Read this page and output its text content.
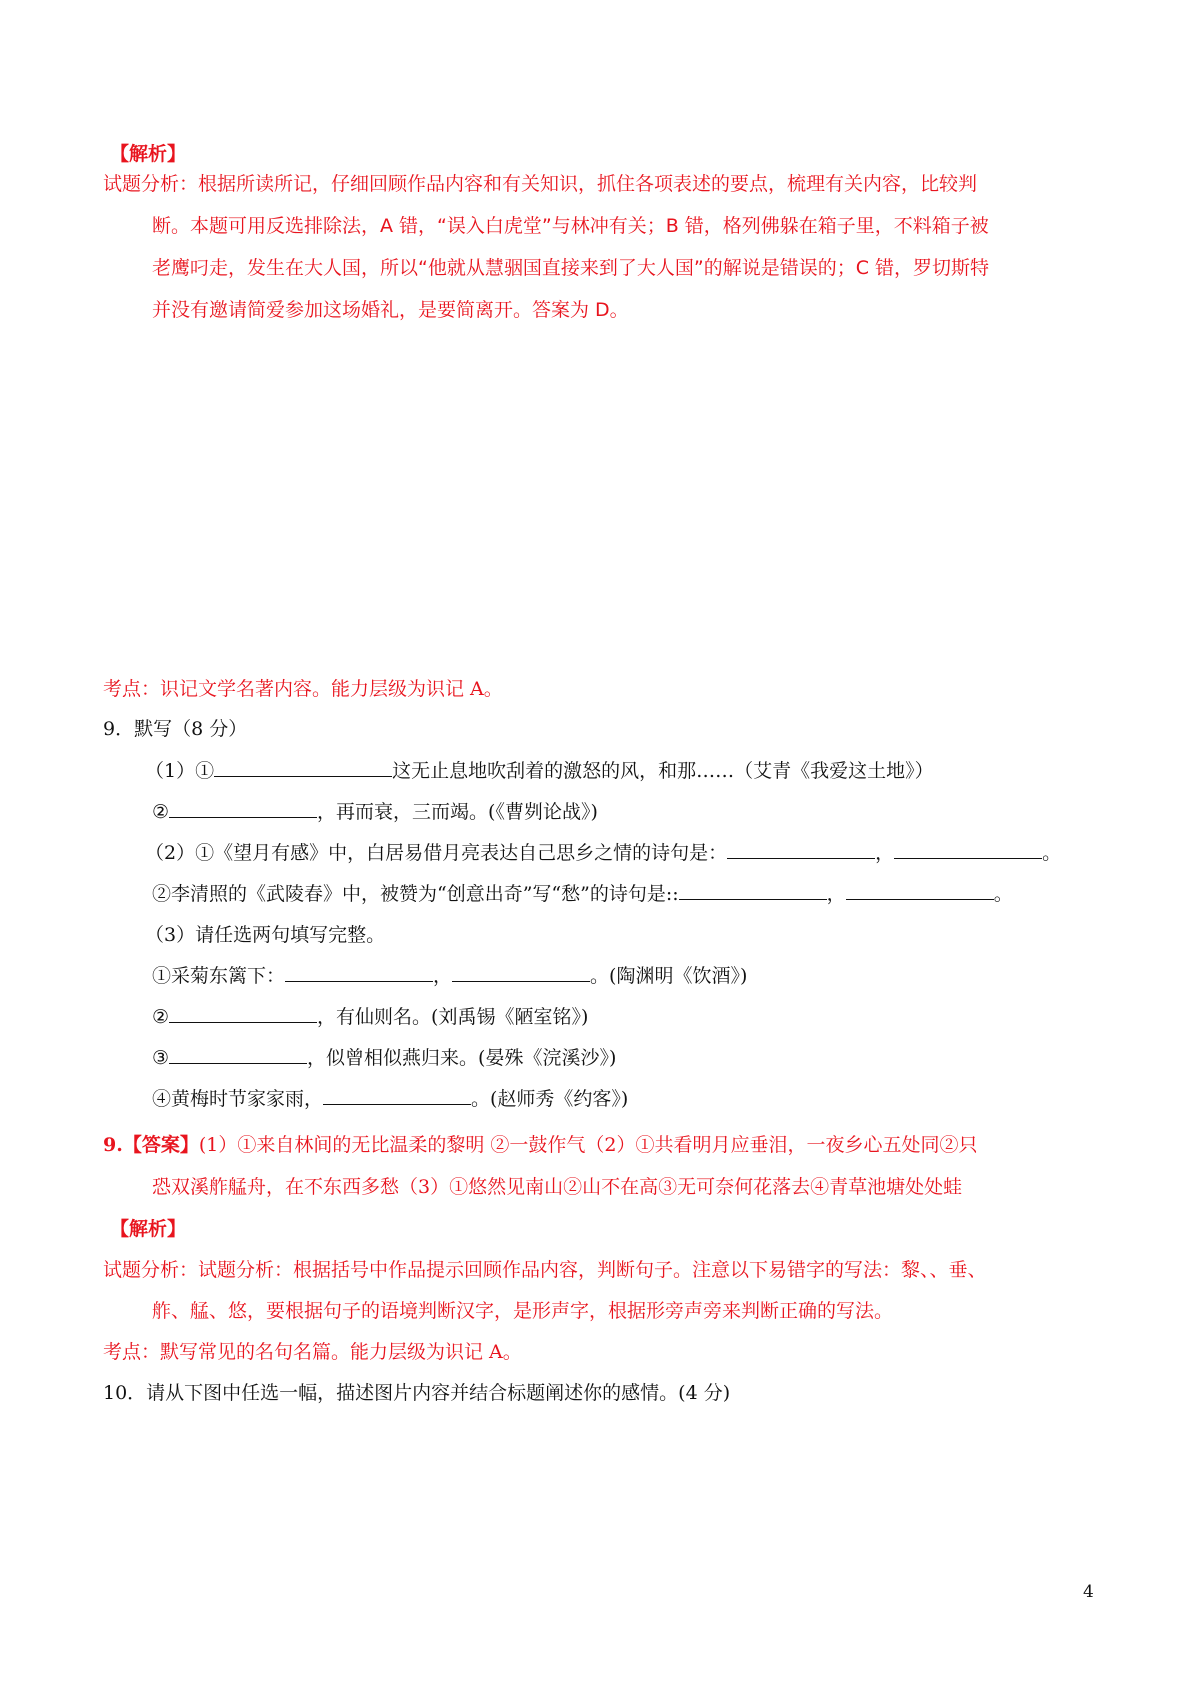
【解析】
试题分析：根据所读所记，仔细回顾作品内容和有关知识，抓住各项表述的要点，梳理有关内容，比较判
断。本题可用反选排除法，A 错，“误入白虎堂”与林冲有关；B 错，格列佛躲在箱子里，不料箱子被
老鹰叼走，发生在大人国，所以“他就从慧骃国直接来到了大人国”的解说是错误的；C 错，罗切斯特
并没有邀请简爱参加这场婚礼，是要简离开。答案为 D。
考点：识记文学名著内容。能力层级为识记 A。
9．默写（8 分）
（1）①	这无止息地吹刮着的激怒的风，和那……（艾青《我爱这土地》）
②	，再而衰，三而竭。(《曹刿论战》)
（2）①《望月有感》中，白居易借月亮表达自己思乡之情的诗句是：	，	。
②李清照的《武陵春》中，被赞为“创意出奇”写“愁”的诗句是::	，	。
（3）请任选两句填写完整。
①采菊东篱下：	，	。(陶渊明《饮酒》)
②	，有仙则名。(刘禹锡《陋室铭》)
③	，似曾相似燕归来。(晏殊《浣溪沙》)
④黄梅时节家家雨，	。(赵师秀《约客》)
9.【答案】(1）①来自林间的无比温柔的黎明 ②一鼓作气（2）①共看明月应垂泪，一夜乡心五处同②只
恐双溪舴艋舟，在不东西多愁（3）①悠然见南山②山不在高③无可奈何花落去④青草池塘处处蛙
【解析】
试题分析：试题分析：根据括号中作品提示回顾作品内容，判断句子。注意以下易错字的写法：黎、、垂、
舴、艋、悠，要根据句子的语境判断汉字，是形声字，根据形旁声旁来判断正确的写法。
考点：默写常见的名句名篇。能力层级为识记 A。
10．请从下图中任选一幅，描述图片内容并结合标题阐述你的感情。(4 分)
4
